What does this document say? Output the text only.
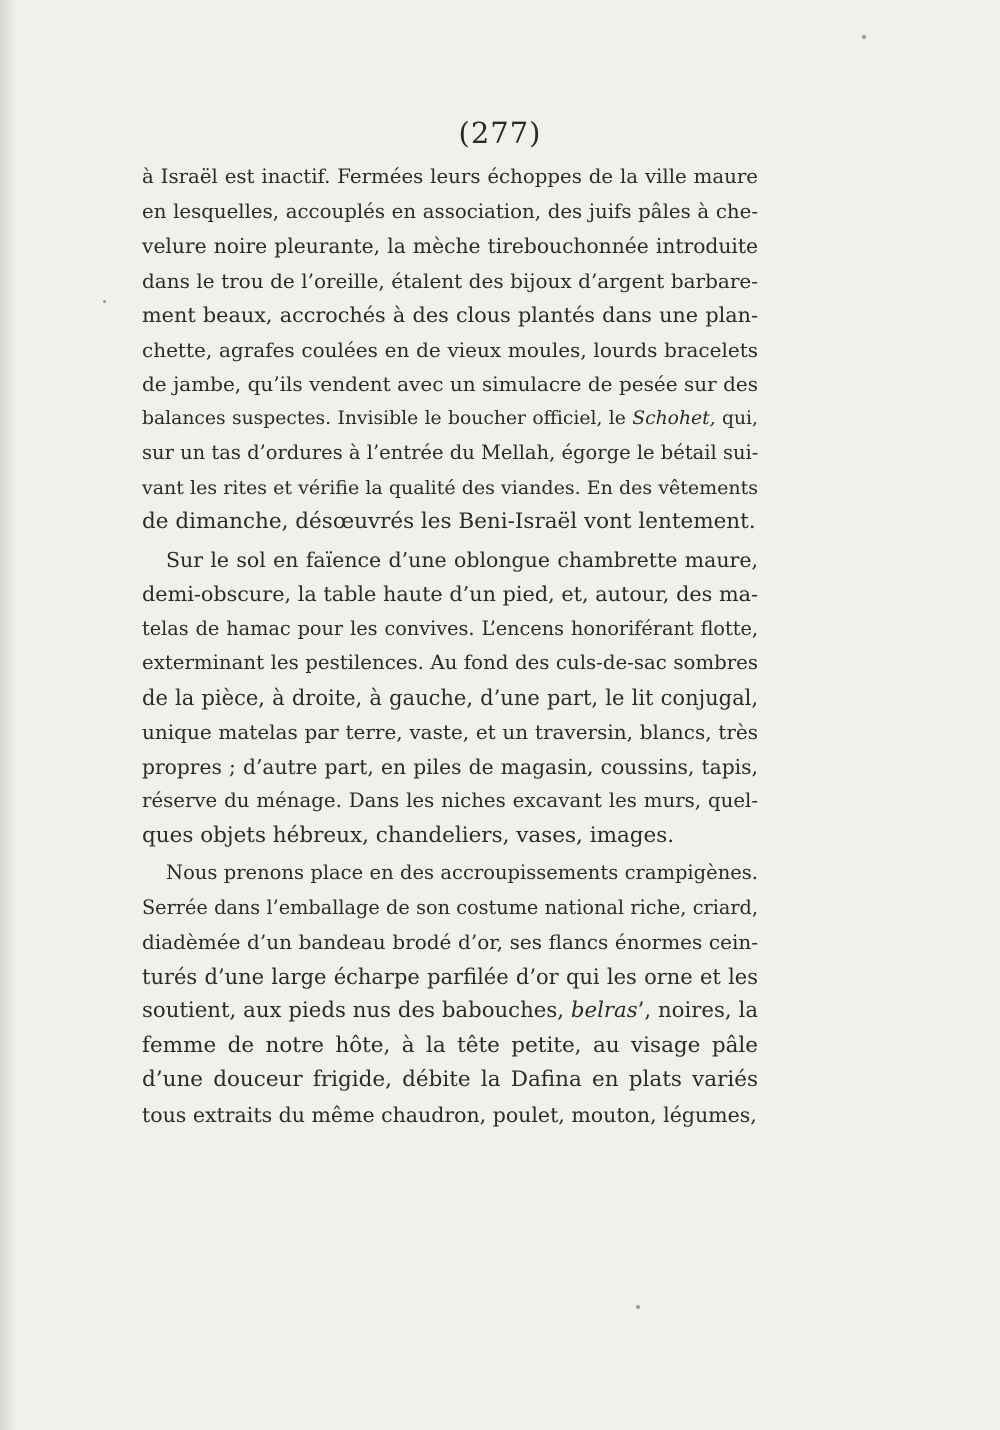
(277)
à Israël est inactif. Fermées leurs échoppes de la ville maure
en lesquelles, accouplés en association, des juifs pâles à che-
velure noire pleurante, la mèche tirebouchonnée introduite
dans le trou de l’oreille, étalent des bijoux d’argent barbare-
ment beaux, accrochés à des clous plantés dans une plan-
chette, agrafes coulées en de vieux moules, lourds bracelets
de jambe, qu’ils vendent avec un simulacre de pesée sur des
balances suspectes. Invisible le boucher officiel, le Schohet, qui,
sur un tas d’ordures à l’entrée du Mellah, égorge le bétail sui-
vant les rites et vérifie la qualité des viandes. En des vêtements
de dimanche, désœuvrés les Beni-Israël vont lentement.
Sur le sol en faïence d’une oblongue chambrette maure,
demi-obscure, la table haute d’un pied, et, autour, des ma-
telas de hamac pour les convives. L’encens honoriférant flotte,
exterminant les pestilences. Au fond des culs-de-sac sombres
de la pièce, à droite, à gauche, d’une part, le lit conjugal,
unique matelas par terre, vaste, et un traversin, blancs, très
propres ; d’autre part, en piles de magasin, coussins, tapis,
réserve du ménage. Dans les niches excavant les murs, quel-
ques objets hébreux, chandeliers, vases, images.
Nous prenons place en des accroupissements crampigènes.
Serrée dans l’emballage de son costume national riche, criard,
diadèmée d’un bandeau brodé d’or, ses flancs énormes cein-
turés d’une large écharpe parfilée d’or qui les orne et les
soutient, aux pieds nus des babouches, belras’, noires, la
femme de notre hôte, à la tête petite, au visage pâle
d’une douceur frigide, débite la Dafina en plats variés
tous extraits du même chaudron, poulet, mouton, légumes,
